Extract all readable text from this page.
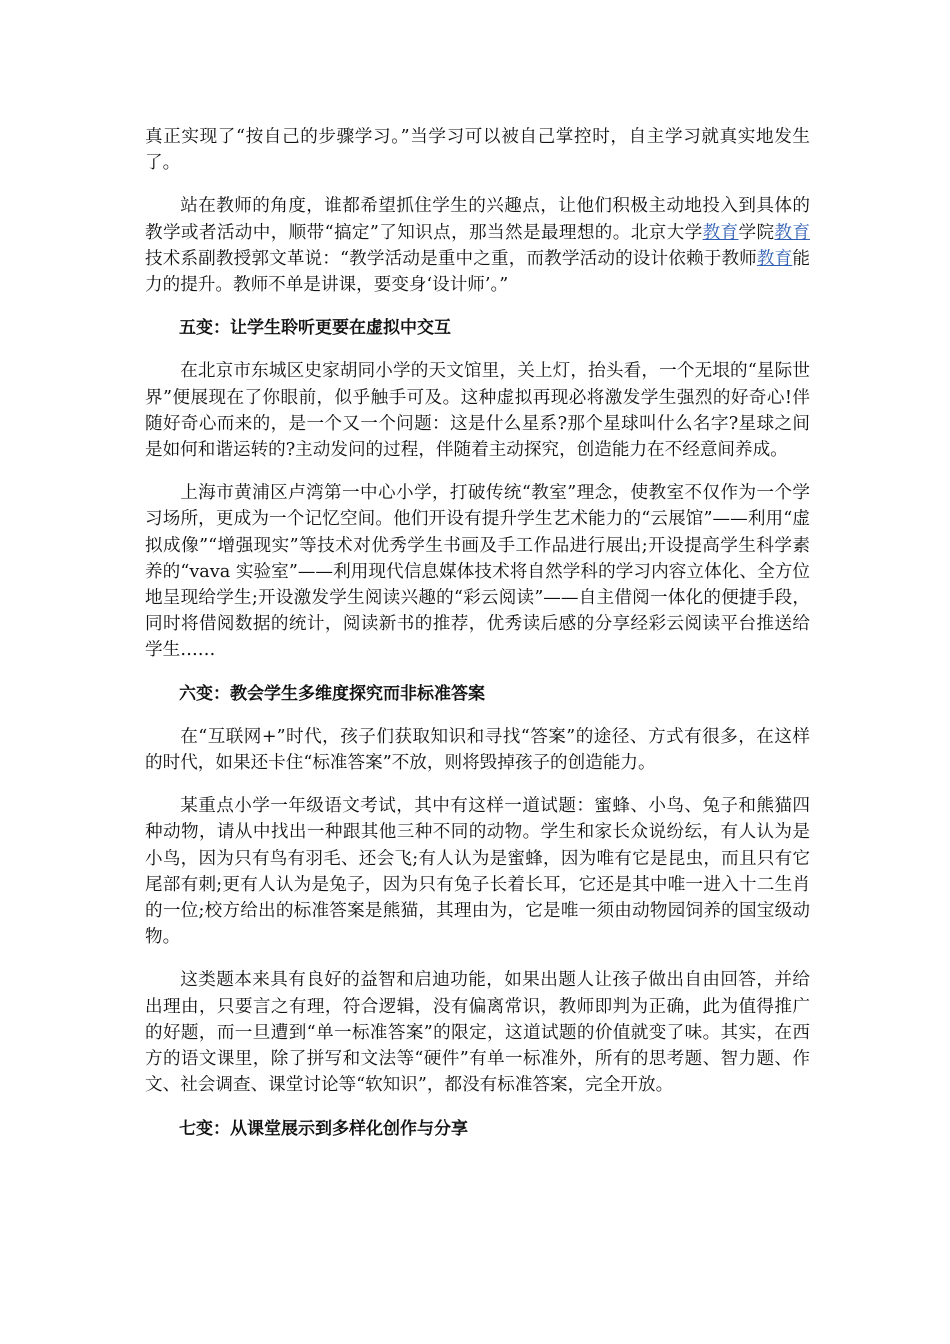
真正实现了“按自己的步骤学习。”当学习可以被自己掌控时，自主学习就真实地发生了。

站在教师的角度，谁都希望抓住学生的兴趣点，让他们积极主动地投入到具体的教学或者活动中，顺带“搞定”了知识点，那当然是最理想的。北京大学教育学院教育技术系副教授郭文革说：“教学活动是重中之重，而教学活动的设计依赖于教师教育能力的提升。教师不单是讲课，要变身‘设计师’。”

五变：让学生聆听更要在虚拟中交互

在北京市东城区史家胡同小学的天文馆里，关上灯，抬头看，一个无垠的“星际世界”便展现在了你眼前，似乎触手可及。这种虚拟再现必将激发学生强烈的好奇心!伴随好奇心而来的，是一个又一个问题：这是什么星系?那个星球叫什么名字?星球之间是如何和谐运转的?主动发问的过程，伴随着主动探究，创造能力在不经意间养成。

上海市黄浦区卢湾第一中心小学，打破传统“教室”理念，使教室不仅作为一个学习场所，更成为一个记忆空间。他们开设有提升学生艺术能力的“云展馆”——利用“虚拟成像”“增强现实”等技术对优秀学生书画及手工作品进行展出;开设提高学生科学素养的“vava 实验室”——利用现代信息媒体技术将自然学科的学习内容立体化、全方位地呈现给学生;开设激发学生阅读兴趣的“彩云阅读”——自主借阅一体化的便捷手段，同时将借阅数据的统计，阅读新书的推荐，优秀读后感的分享经彩云阅读平台推送给学生……

六变：教会学生多维度探究而非标准答案

在“互联网+”时代，孩子们获取知识和寻找“答案”的途径、方式有很多，在这样的时代，如果还卡住“标准答案”不放，则将毁掉孩子的创造能力。

某重点小学一年级语文考试，其中有这样一道试题：蜜蜂、小鸟、兔子和熊猫四种动物，请从中找出一种跟其他三种不同的动物。学生和家长众说纷纭，有人认为是小鸟，因为只有鸟有羽毛、还会飞;有人认为是蜜蜂，因为唯有它是昆虫，而且只有它尾部有刺;更有人认为是兔子，因为只有兔子长着长耳，它还是其中唯一进入十二生肖的一位;校方给出的标准答案是熊猫，其理由为，它是唯一须由动物园饲养的国宝级动物。

这类题本来具有良好的益智和启迪功能，如果出题人让孩子做出自由回答，并给出理由，只要言之有理，符合逻辑，没有偏离常识，教师即判为正确，此为值得推广的好题，而一旦遭到“单一标准答案”的限定，这道试题的价值就变了味。其实，在西方的语文课里，除了拼写和文法等“硬件”有单一标准外，所有的思考题、智力题、作文、社会调查、课堂讨论等“软知识”，都没有标准答案，完全开放。

七变：从课堂展示到多样化创作与分享
